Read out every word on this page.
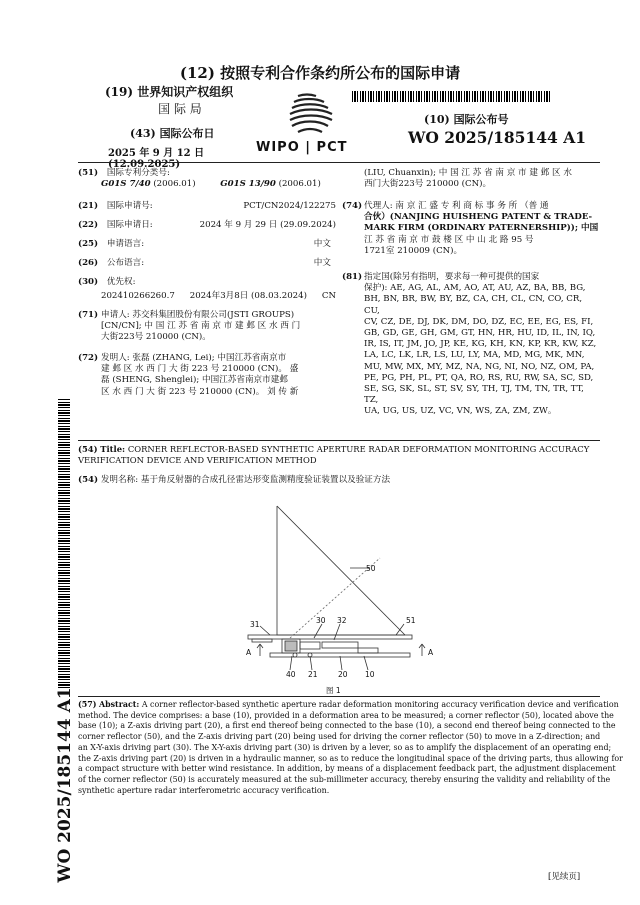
(12) 按照专利合作条约所公布的国际申请
(19) 世界知识产权组织
国 际 局
(43) 国际公布日
2025 年 9 月 12 日 (12.09.2025)
WIPO | PCT
(10) 国际公布号
WO 2025/185144 A1
(51) 国际专利分类号:
G01S 7/40 (2006.01)	G01S 13/90 (2006.01)
(21) 国际申请号:	PCT/CN2024/122275
(22) 国际申请日:	2024 年 9 月 29 日 (29.09.2024)
(25) 申请语言:	中文
(26) 公布语言:	中文
(30) 优先权:
202410266260.7 2024年3月8日 (08.03.2024) CN
(71) 申请人: 苏交科集团股份有限公司(JSTI GROUPS)
[CN/CN]; 中 国 江 苏 省 南 京 市 建 邺 区 水 西 门
大街223号 210000 (CN)。
(72) 发明人: 张磊 (ZHANG, Lei); 中国江苏省南京市
建 邺 区 水 西 门 大 街 223 号 210000 (CN)。 盛
磊 (SHENG, Shenglei); 中国江苏省南京市建邺
区 水 西 门 大 街 223 号 210000 (CN)。 刘 传 新
(LIU, Chuanxin); 中 国 江 苏 省 南 京 市 建 邺 区 水
西门大街223号 210000 (CN)。
(74) 代理人: 南 京 汇 盛 专 利 商 标 事 务 所 （普 通
合伙）(NANJING HUISHENG PATENT & TRADE-
MARK FIRM (ORDINARY PATERNERSHIP)); 中国
江 苏 省 南 京 市 鼓 楼 区 中 山 北 路 95 号
1721室 210009 (CN)。
(81) 指定国(除另有指明，要求每一种可提供的国家
保护): AE, AG, AL, AM, AO, AT, AU, AZ, BA, BB, BG,
BH, BN, BR, BW, BY, BZ, CA, CH, CL, CN, CO, CR, CU,
CV, CZ, DE, DJ, DK, DM, DO, DZ, EC, EE, EG, ES, FI,
GB, GD, GE, GH, GM, GT, HN, HR, HU, ID, IL, IN, IQ,
IR, IS, IT, JM, JO, JP, KE, KG, KH, KN, KP, KR, KW, KZ,
LA, LC, LK, LR, LS, LU, LY, MA, MD, MG, MK, MN,
MU, MW, MX, MY, MZ, NA, NG, NI, NO, NZ, OM, PA,
PE, PG, PH, PL, PT, QA, RO, RS, RU, RW, SA, SC, SD,
SE, SG, SK, SL, ST, SV, SY, TH, TJ, TM, TN, TR, TT, TZ,
UA, UG, US, UZ, VC, VN, WS, ZA, ZM, ZW。
WO 2025/185144 A1
(54) Title: CORNER REFLECTOR-BASED SYNTHETIC APERTURE RADAR DEFORMATION MONITORING ACCURACY VERIFICATION DEVICE AND VERIFICATION METHOD
(54) 发明名称: 基于角反射器的合成孔径雷达形变监测精度验证装置以及验证方法
50
31	30 32	51
A	A
40 21	20 10
图 1
(57) Abstract: A corner reflector-based synthetic aperture radar deformation monitoring accuracy verification device and verification
method. The device comprises: a base (10), provided in a deformation area to be measured; a corner reflector (50), located above the
base (10); a Z-axis driving part (20), a first end thereof being connected to the base (10), a second end thereof being connected to the
corner reflector (50), and the Z-axis driving part (20) being used for driving the corner reflector (50) to move in a Z-direction; and
an X-Y-axis driving part (30). The X-Y-axis driving part (30) is driven by a lever, so as to amplify the displacement of an operating end;
the Z-axis driving part (20) is driven in a hydraulic manner, so as to reduce the longitudinal space of the driving parts, thus allowing for
a compact structure with better wind resistance. In addition, by means of a displacement feedback part, the adjustment displacement
of the corner reflector (50) is accurately measured at the sub-millimeter accuracy, thereby ensuring the validity and reliability of the
synthetic aperture radar interferometric accuracy verification.
[见续页]
